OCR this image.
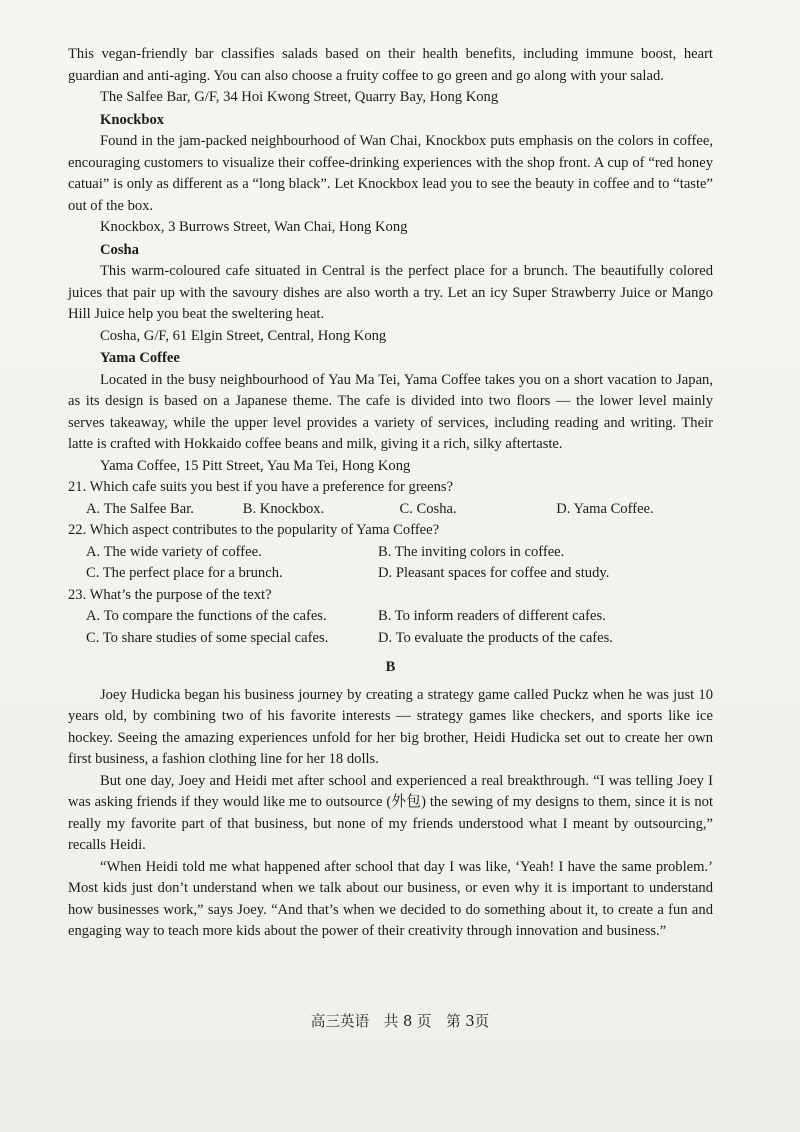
This vegan-friendly bar classifies salads based on their health benefits, including immune boost, heart guardian and anti-aging. You can also choose a fruity coffee to go green and go along with your salad.

The Salfee Bar, G/F, 34 Hoi Kwong Street, Quarry Bay, Hong Kong

Knockbox

Found in the jam-packed neighbourhood of Wan Chai, Knockbox puts emphasis on the colors in coffee, encouraging customers to visualize their coffee-drinking experiences with the shop front. A cup of “red honey catuai” is only as different as a “long black”. Let Knockbox lead you to see the beauty in coffee and to “taste” out of the box.

Knockbox, 3 Burrows Street, Wan Chai, Hong Kong

Cosha

This warm-coloured cafe situated in Central is the perfect place for a brunch. The beautifully colored juices that pair up with the savoury dishes are also worth a try. Let an icy Super Strawberry Juice or Mango Hill Juice help you beat the sweltering heat.

Cosha, G/F, 61 Elgin Street, Central, Hong Kong

Yama Coffee

Located in the busy neighbourhood of Yau Ma Tei, Yama Coffee takes you on a short vacation to Japan, as its design is based on a Japanese theme. The cafe is divided into two floors — the lower level mainly serves takeaway, while the upper level provides a variety of services, including reading and writing. Their latte is crafted with Hokkaido coffee beans and milk, giving it a rich, silky aftertaste.

Yama Coffee, 15 Pitt Street, Yau Ma Tei, Hong Kong

21. Which cafe suits you best if you have a preference for greens?

A. The Salfee Bar.	B. Knockbox.	C. Cosha.	D. Yama Coffee.

22. Which aspect contributes to the popularity of Yama Coffee?

A. The wide variety of coffee.	B. The inviting colors in coffee.
C. The perfect place for a brunch.	D. Pleasant spaces for coffee and study.

23. What’s the purpose of the text?

A. To compare the functions of the cafes.	B. To inform readers of different cafes.
C. To share studies of some special cafes.	D. To evaluate the products of the cafes.

B

Joey Hudicka began his business journey by creating a strategy game called Puckz when he was just 10 years old, by combining two of his favorite interests — strategy games like checkers, and sports like ice hockey. Seeing the amazing experiences unfold for her big brother, Heidi Hudicka set out to create her own first business, a fashion clothing line for her 18 dolls.

But one day, Joey and Heidi met after school and experienced a real breakthrough. “I was telling Joey I was asking friends if they would like me to outsource (外包) the sewing of my designs to them, since it is not really my favorite part of that business, but none of my friends understood what I meant by outsourcing,” recalls Heidi.

“When Heidi told me what happened after school that day I was like, ‘Yeah! I have the same problem.’ Most kids just don’t understand when we talk about our business, or even why it is important to understand how businesses work,” says Joey. “And that’s when we decided to do something about it, to create a fun and engaging way to teach more kids about the power of their creativity through innovation and business.”

高三英语　共 8 页　第 3页
